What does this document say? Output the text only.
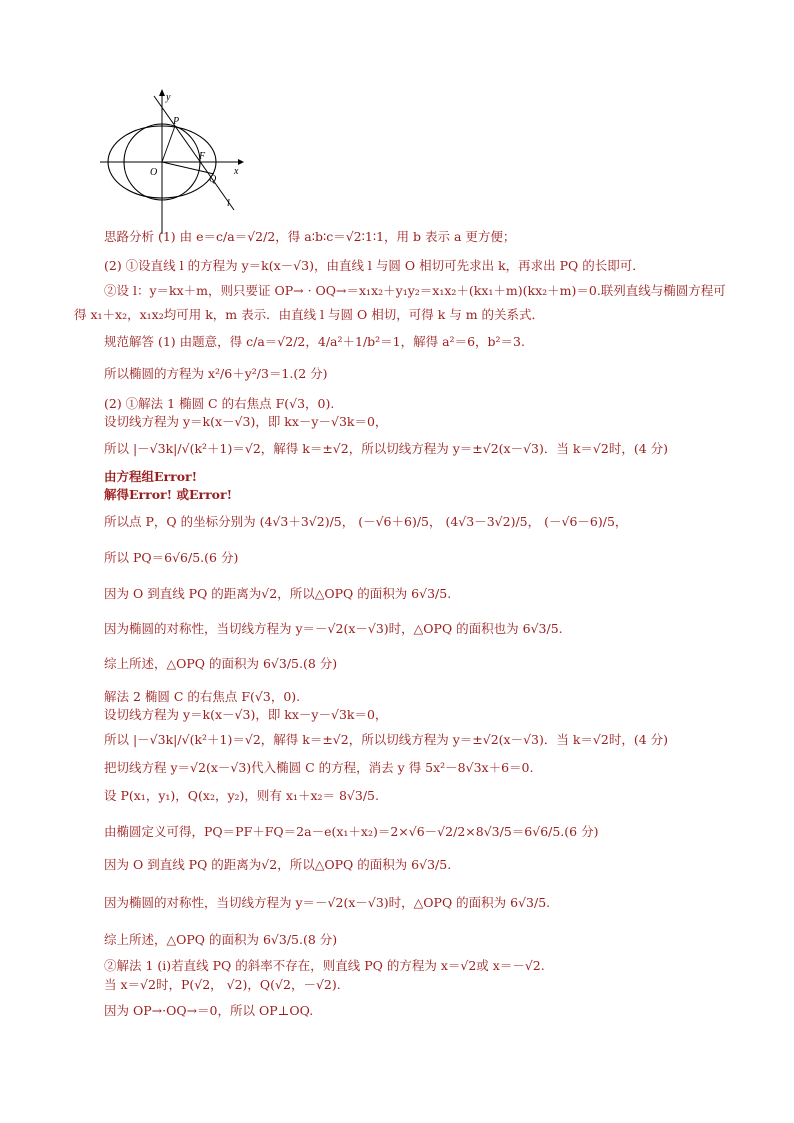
y
x
O
P
F
Q
l
思路分析 (1) 由 e＝c/a＝√2/2，得 a∶b∶c＝√2∶1∶1，用 b 表示 a 更方便；
(2) ①设直线 l 的方程为 y＝k(x－√3)，由直线 l 与圆 O 相切可先求出 k，再求出 PQ 的长即可．
②设 l：y＝kx＋m，则只要证 OP→ · OQ→＝x₁x₂＋y₁y₂＝x₁x₂＋(kx₁＋m)(kx₂＋m)＝0.联列直线与椭圆方程可
得 x₁＋x₂，x₁x₂均可用 k，m 表示．由直线 l 与圆 O 相切，可得 k 与 m 的关系式．
规范解答 (1) 由题意，得 c/a＝√2/2，4/a²＋1/b²＝1，解得 a²＝6，b²＝3.
所以椭圆的方程为 x²/6＋y²/3＝1.(2 分)
(2) ①解法 1 椭圆 C 的右焦点 F(√3，0).
设切线方程为 y＝k(x－√3)，即 kx－y－√3k＝0，
所以 |－√3k|/√(k²＋1)＝√2，解得 k＝±√2，所以切线方程为 y＝±√2(x－√3)．当 k＝√2时，(4 分)
由方程组Error!
解得Error! 或Error!
所以点 P，Q 的坐标分别为 (4√3＋3√2)/5， (－√6＋6)/5， (4√3－3√2)/5， (－√6－6)/5，
所以 PQ＝6√6/5.(6 分)
因为 O 到直线 PQ 的距离为√2，所以△OPQ 的面积为 6√3/5.
因为椭圆的对称性，当切线方程为 y＝－√2(x－√3)时，△OPQ 的面积也为 6√3/5.
综上所述，△OPQ 的面积为 6√3/5.(8 分)
解法 2 椭圆 C 的右焦点 F(√3，0).
设切线方程为 y＝k(x－√3)，即 kx－y－√3k＝0，
所以 |－√3k|/√(k²＋1)＝√2，解得 k＝±√2，所以切线方程为 y＝±√2(x－√3)．当 k＝√2时，(4 分)
把切线方程 y＝√2(x－√3)代入椭圆 C 的方程，消去 y 得 5x²－8√3x＋6＝0.
设 P(x₁，y₁)，Q(x₂，y₂)，则有 x₁＋x₂＝ 8√3/5.
由椭圆定义可得，PQ＝PF＋FQ＝2a－e(x₁＋x₂)＝2×√6－√2/2×8√3/5＝6√6/5.(6 分)
因为 O 到直线 PQ 的距离为√2，所以△OPQ 的面积为 6√3/5.
因为椭圆的对称性，当切线方程为 y＝－√2(x－√3)时，△OPQ 的面积为 6√3/5.
综上所述，△OPQ 的面积为 6√3/5.(8 分)
②解法 1 (i)若直线 PQ 的斜率不存在，则直线 PQ 的方程为 x＝√2或 x＝－√2.
当 x＝√2时，P(√2， √2)，Q(√2，－√2).
因为 OP→·OQ→＝0，所以 OP⊥OQ.
